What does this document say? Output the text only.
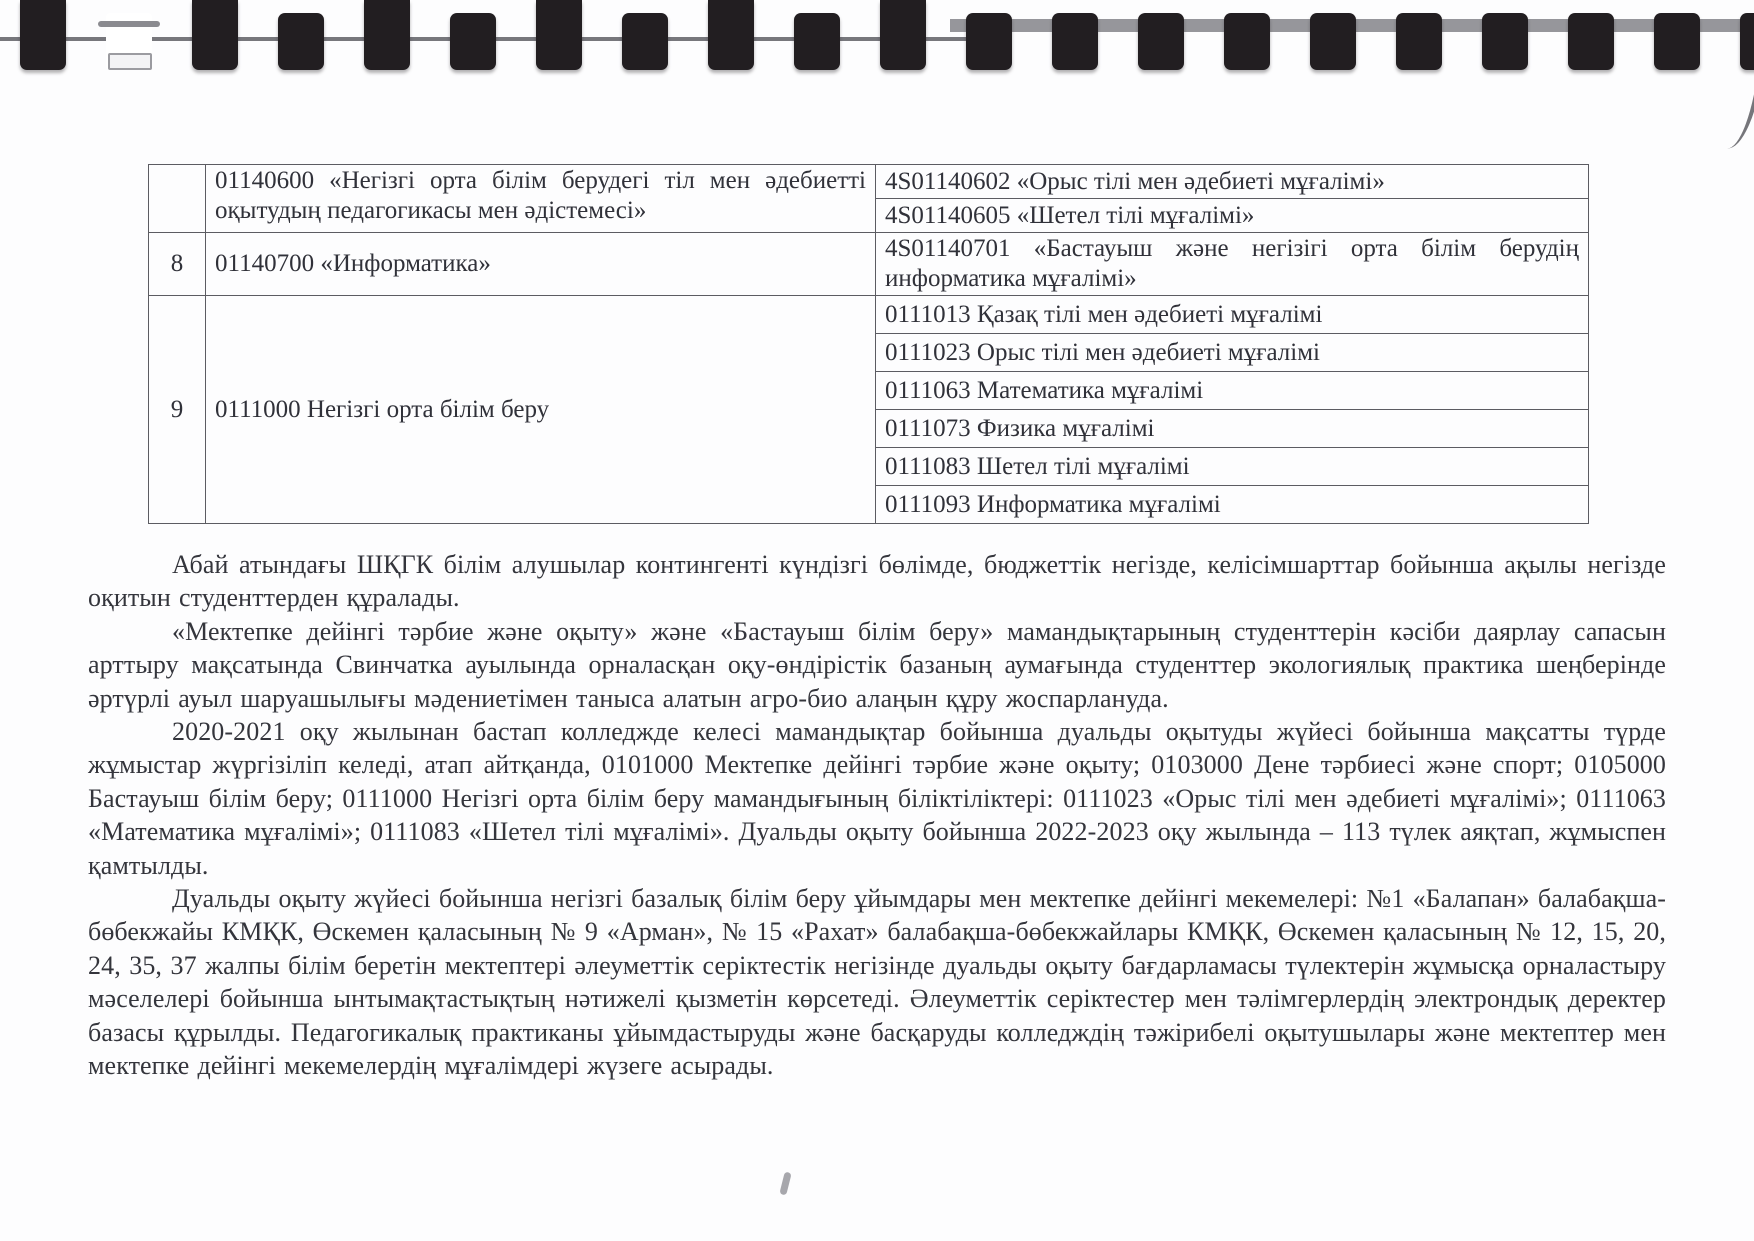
	01140600 «Негізгі орта білім берудегі тіл мен әдебиетті оқытудың педагогикасы мен әдістемесі»	4S01140602 «Орыс тілі мен әдебиеті мұғалімі»
		4S01140605 «Шетел тілі мұғалімі»
8	01140700 «Информатика»	4S01140701 «Бастауыш және негізігі орта білім берудің информатика мұғалімі»
9	0111000 Негізгі орта білім беру	0111013 Қазақ тілі мен әдебиеті мұғалімі
		0111023 Орыс тілі мен әдебиеті мұғалімі
		0111063 Математика мұғалімі
		0111073 Физика мұғалімі
		0111083 Шетел тілі мұғалімі
		0111093 Информатика мұғалімі

Абай атындағы ШҚГК білім алушылар контингенті күндізгі бөлімде, бюджеттік негізде, келісімшарттар бойынша ақылы негізде оқитын студенттерден құралады.

«Мектепке дейінгі тәрбие және оқыту» және «Бастауыш білім беру» мамандықтарының студенттерін кәсіби даярлау сапасын арттыру мақсатында Свинчатка ауылында орналасқан оқу-өндірістік базаның аумағында студенттер экологиялық практика шеңберінде әртүрлі ауыл шаруашылығы мәдениетімен таныса алатын агро-био алаңын құру жоспарлануда.

2020-2021 оқу жылынан бастап колледжде келесі мамандықтар бойынша дуальды оқытуды жүйесі бойынша мақсатты түрде жұмыстар жүргізіліп келеді, атап айтқанда, 0101000 Мектепке дейінгі тәрбие және оқыту; 0103000 Дене тәрбиесі және спорт; 0105000 Бастауыш білім беру; 0111000 Негізгі орта білім беру мамандығының біліктіліктері: 0111023 «Орыс тілі мен әдебиеті мұғалімі»; 0111063 «Математика мұғалімі»; 0111083 «Шетел тілі мұғалімі». Дуальды оқыту бойынша 2022-2023 оқу жылында – 113 түлек аяқтап, жұмыспен қамтылды.

Дуальды оқыту жүйесі бойынша негізгі базалық білім беру ұйымдары мен мектепке дейінгі мекемелері: №1 «Балапан» балабақша-бөбекжайы КМҚК, Өскемен қаласының № 9 «Арман», № 15 «Рахат» балабақша-бөбекжайлары КМҚК, Өскемен қаласының № 12, 15, 20, 24, 35, 37 жалпы білім беретін мектептері әлеуметтік серіктестік негізінде дуальды оқыту бағдарламасы түлектерін жұмысқа орналастыру мәселелері бойынша ынтымақтастықтың нәтижелі қызметін көрсетеді. Әлеуметтік серіктестер мен тәлімгерлердің электрондық деректер базасы құрылды. Педагогикалық практиканы ұйымдастыруды және басқаруды колледждің тәжірибелі оқытушылары және мектептер мен мектепке дейінгі мекемелердің мұғалімдері жүзеге асырады.
